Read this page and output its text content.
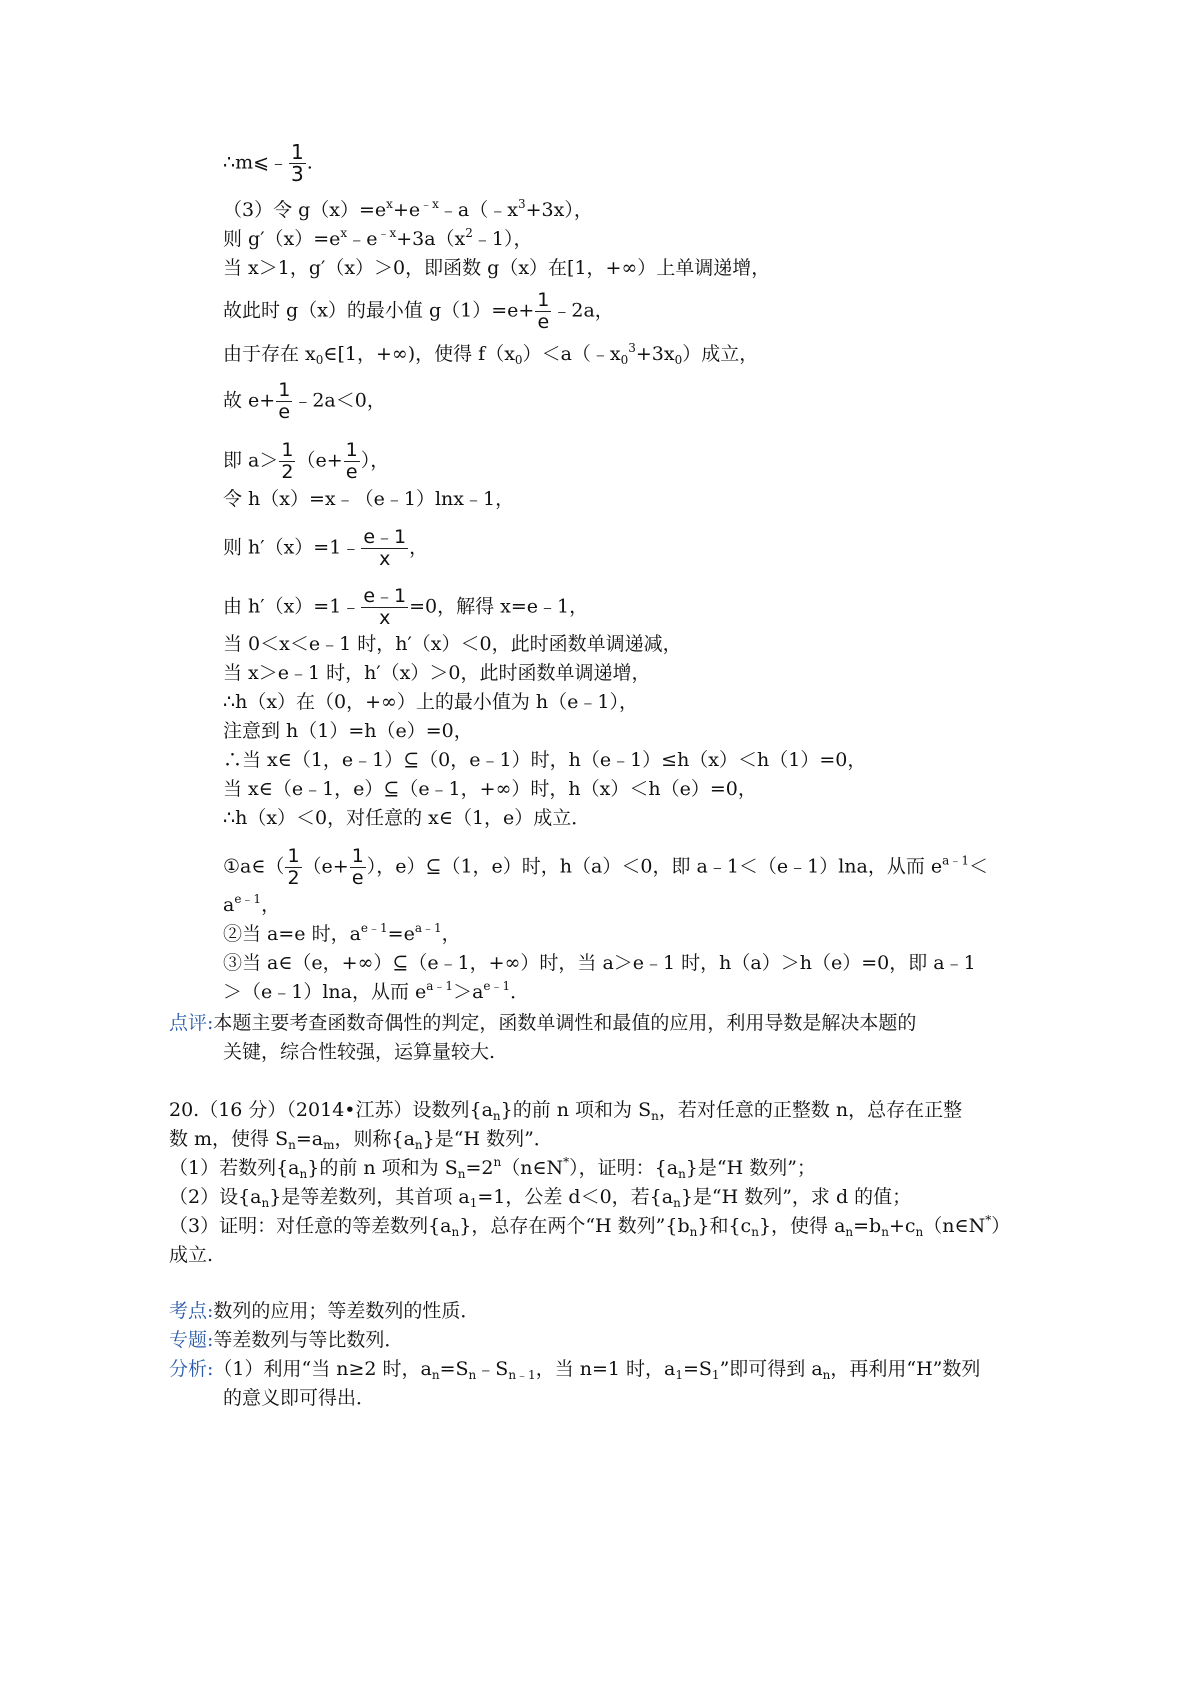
∴m⩽﹣ $\frac{1}{3}$ .
（3）令 $g(x)=e^x+e^{﹣x}﹣a(﹣x^3+3x)$，
则 $g'(x)=e^x﹣e^{﹣x}+3a(x^2﹣1)$，
当 x＞1，g′（x）＞0，即函数 g（x）在[1，+∞）上单调递增，
故此时 g（x）的最小值 $g(1)=e+ \frac{1}{e}$ ﹣2a，
由于存在 $x_0\in[1$，+∞)，使得 $f(x_0)<a(﹣x_0^3+3x_0)$成立，
故 $e+ \frac{1}{e}$ ﹣2a＜0，
即 $a> \frac{1}{2} (e+ \frac{1}{e}$ ），
令 h（x）=x﹣（e﹣1）lnx﹣1，
则 h′（x）=1﹣ $\frac{e﹣1}{x}$ ，
由 h′（x）=1﹣ $\frac{e﹣1}{x} =0$，解得 x=e﹣1，
当 0＜x＜e﹣1 时，h′（x）＜0，此时函数单调递减，
当 x＞e﹣1 时，h′（x）＞0，此时函数单调递增，
∴h（x）在（0，+∞）上的最小值为 h（e﹣1），
注意到 h（1）=h（e）=0，
∴当 x∈（1，e﹣1）⊆（0，e﹣1）时，h（e﹣1）≤h（x）＜h（1）=0，
当 x∈（e﹣1，e）⊆（e﹣1，+∞）时，h（x）＜h（e）=0，
∴h（x）＜0，对任意的 x∈（1，e）成立．
①a∈（ $\frac{1}{2} (e+ \frac{1}{e}$ ），e）⊆（1，e）时，h（a）＜0，即 a﹣1＜（e﹣1）lna，从而 $e^{a﹣1}<$
$a^{e﹣1}$，
②当 a=e 时，$a^{e﹣1}=e^{a﹣1}$，
③当 a∈（e，+∞）⊆（e﹣1，+∞）时，当 a＞e﹣1 时，h（a）＞h（e）=0，即 a﹣1
＞（e﹣1）lna，从而 $e^{a﹣1}>a^{e﹣1}$．
点评:本题主要考查函数奇偶性的判定，函数单调性和最值的应用，利用导数是解决本题的
关键，综合性较强，运算量较大.
20.（16 分）（2014•江苏）设数列$\{a_n\}$的前 n 项和为 $S_n$，若对任意的正整数 n，总存在正整
数 m，使得 $S_n=a_m$，则称$\{a_n\}$是“H 数列”．
（1）若数列$\{a_n\}$的前 n 项和为 $S_n=2^n(n\in N^*)$，证明：$\{a_n\}$是“H 数列”；
（2）设$\{a_n\}$是等差数列，其首项 $a_1=1$，公差 d＜0，若$\{a_n\}$是“H 数列”，求 d 的值；
（3）证明：对任意的等差数列$\{a_n\}$，总存在两个“H 数列$”\{b_n\}$和$\{c_n\}$，使得 $a_n=b_n+c_n(n\in N^*)$
成立.
考点:数列的应用；等差数列的性质．
专题:等差数列与等比数列．
分析:（1）利用“当 n≥2 时，$a_n=S_n﹣S_{n﹣1}$，当 n=1 时，$a_1=S_1$”即可得到 $a_n$，再利用“H”数列
的意义即可得出．
